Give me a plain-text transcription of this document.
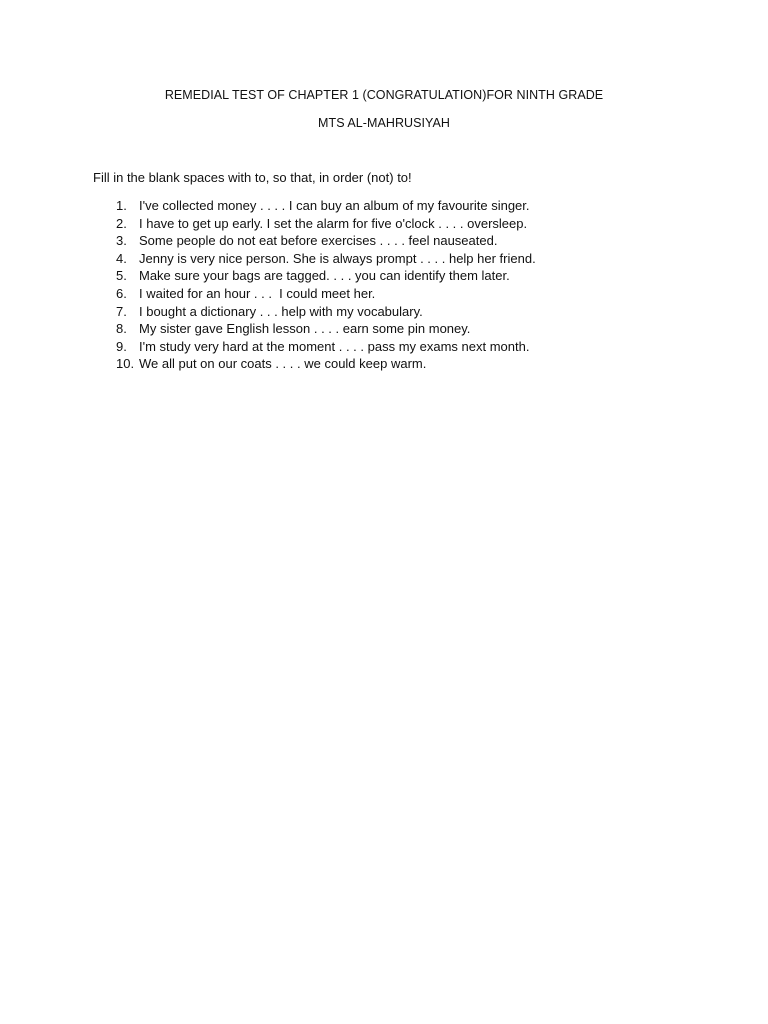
REMEDIAL TEST OF CHAPTER 1 (CONGRATULATION)FOR NINTH GRADE
MTS AL-MAHRUSIYAH
Fill in the blank spaces with to, so that, in order (not) to!
1. I've collected money . . . . I can buy an album of my favourite singer.
2. I have to get up early. I set the alarm for five o'clock . . . . oversleep.
3. Some people do not eat before exercises . . . . feel nauseated.
4. Jenny is very nice person. She is always prompt . . . . help her friend.
5. Make sure your bags are tagged. . . . you can identify them later.
6. I waited for an hour . . .  I could meet her.
7. I bought a dictionary . . . help with my vocabulary.
8. My sister gave English lesson . . . . earn some pin money.
9. I'm study very hard at the moment . . . . pass my exams next month.
10. We all put on our coats . . . . we could keep warm.
